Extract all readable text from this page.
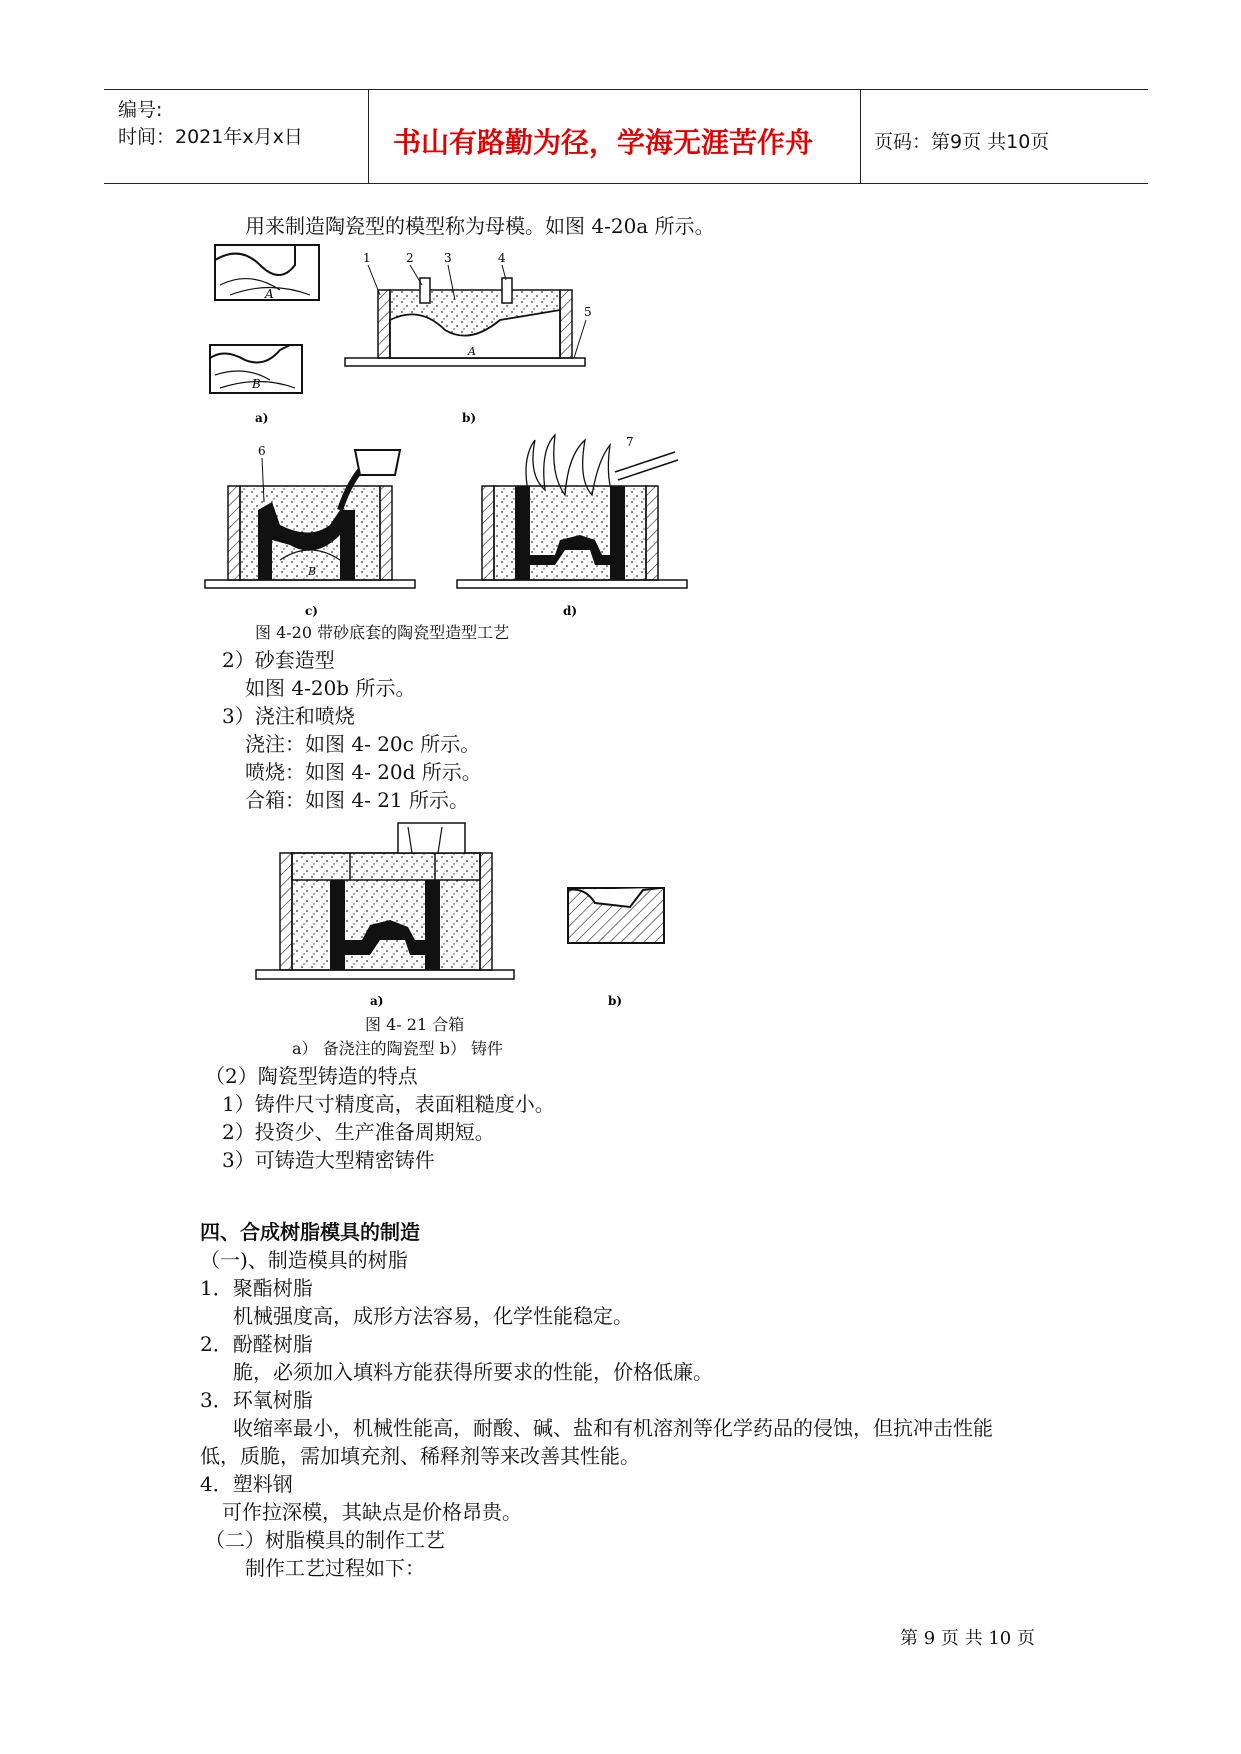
编号:
时间：2021年x月x日	书山有路勤为径，学海无涯苦作舟	页码：第9页 共10页
用来制造陶瓷型的模型称为母模。如图 4-20a 所示。
A
B
a)
A
1	2	3	4
5
b)
B
6
c)
7
d)
图 4-20 带砂底套的陶瓷型造型工艺
2）砂套造型
如图 4-20b 所示。
3）浇注和喷烧
浇注：如图 4- 20c 所示。
喷烧：如图 4- 20d 所示。
合箱：如图 4- 21 所示。
a)	b)
图 4- 21 合箱
a） 备浇注的陶瓷型 b） 铸件
（2）陶瓷型铸造的特点
1）铸件尺寸精度高，表面粗糙度小。
2）投资少、生产准备周期短。
3）可铸造大型精密铸件
四、合成树脂模具的制造
（一)、制造模具的树脂
1．聚酯树脂
机械强度高，成形方法容易，化学性能稳定。
2．酚醛树脂
脆，必须加入填料方能获得所要求的性能，价格低廉。
3．环氧树脂
收缩率最小，机械性能高，耐酸、碱、盐和有机溶剂等化学药品的侵蚀，但抗冲击性能
低，质脆，需加填充剂、稀释剂等来改善其性能。
4．塑料钢
可作拉深模，其缺点是价格昂贵。
（二）树脂模具的制作工艺
制作工艺过程如下：
第 9 页 共 10 页
